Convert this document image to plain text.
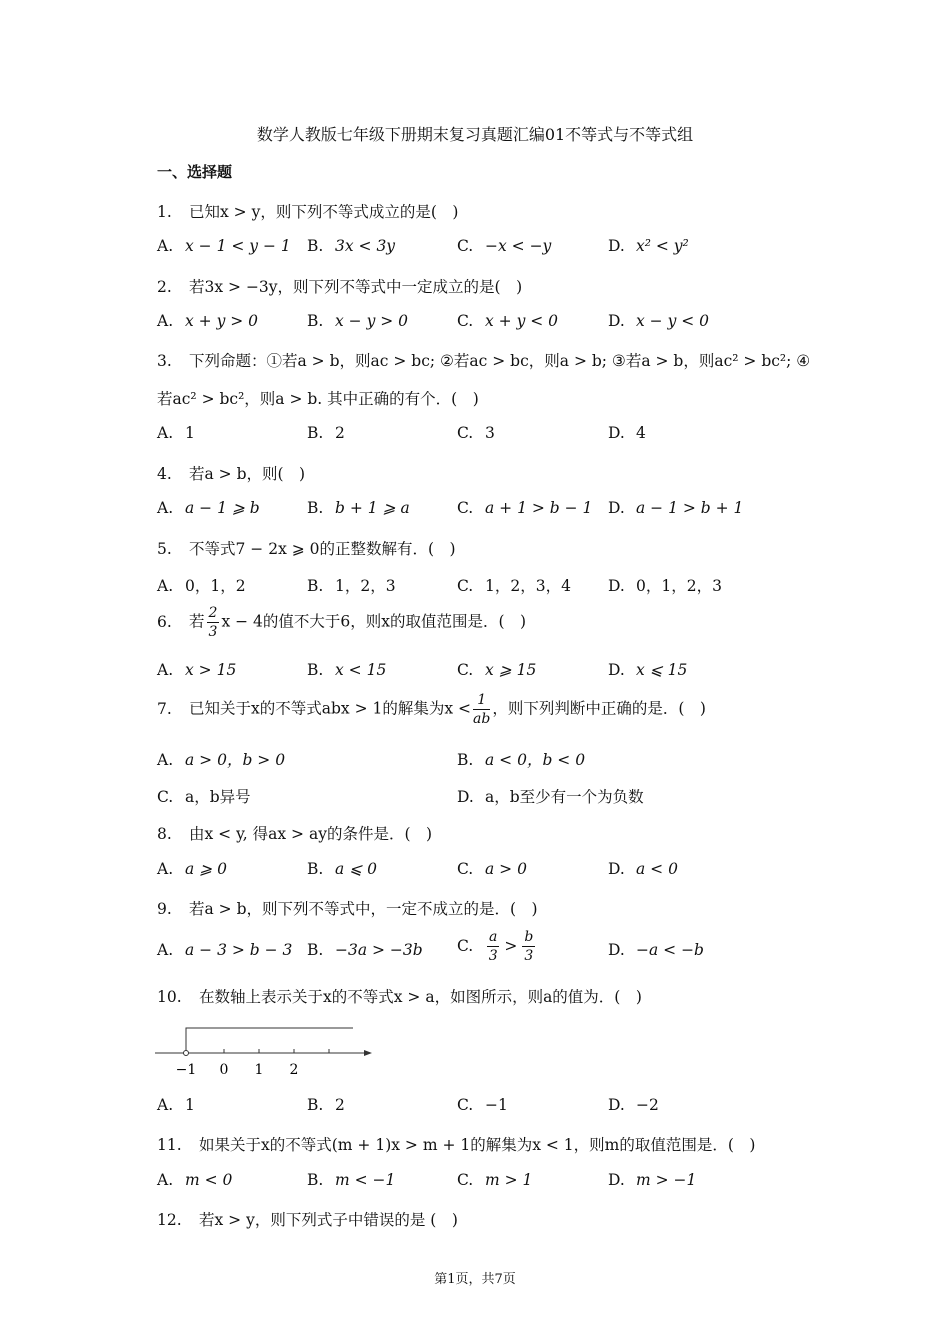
数学人教版七年级下册期末复习真题汇编01不等式与不等式组
一、选择题
1. 已知x > y，则下列不等式成立的是(　)
A. x − 1 < y − 1 B. 3x < 3y	C. −x < −y	D. x² < y²
2. 若3x > −3y，则下列不等式中一定成立的是(　)
A. x + y > 0	B. x − y > 0	C. x + y < 0	D. x − y < 0
3. 下列命题：①若a > b，则ac > bc; ②若ac > bc，则a > b; ③若a > b，则ac² > bc²; ④
若ac² > bc²，则a > b. 其中正确的有个．(　)
A. 1	B. 2	C. 3	D. 4
4. 若a > b，则(　)
A. a − 1 ⩾ b	B. b + 1 ⩾ a	C. a + 1 > b − 1 D. a − 1 > b + 1
5. 不等式7 − 2x ⩾ 0的正整数解有．(　)
A. 0，1，2	B. 1，2，3	C. 1，2，3，4 D. 0，1，2，3
6. 若 $\frac{2}{3}$ x − 4的值不大于6，则x的取值范围是．(　)
A. x > 15	B. x < 15	C. x ⩾ 15	D. x ⩽ 15
7. 已知关于x的不等式abx > 1的解集为$x < \frac{1}{ab}$ ，则下列判断中正确的是．(　)
A. a > 0，b > 0	B. a < 0，b < 0
C. a，b异号	D. a，b至少有一个为负数
8. 由x < y, 得ax > ay的条件是．(　)
A. a ⩾ 0	B. a ⩽ 0	C. a > 0	D. a < 0
9. 若a > b，则下列不等式中，一定不成立的是．(　)
A. a − 3 > b − 3 B. −3a > −3b C. $\frac{a}{3} > \frac{b}{3}$	D. −a < −b
10. 在数轴上表示关于x的不等式x > a，如图所示，则a的值为．(　)
−1 0 1 2
A. 1	B. 2	C. −1	D. −2
11. 如果关于x的不等式(m + 1)x > m + 1的解集为x < 1，则m的取值范围是．(　)
A. m < 0	B. m < −1	C. m > 1	D. m > −1
12. 若x > y，则下列式子中错误的是 (　)
第1页，共7页
